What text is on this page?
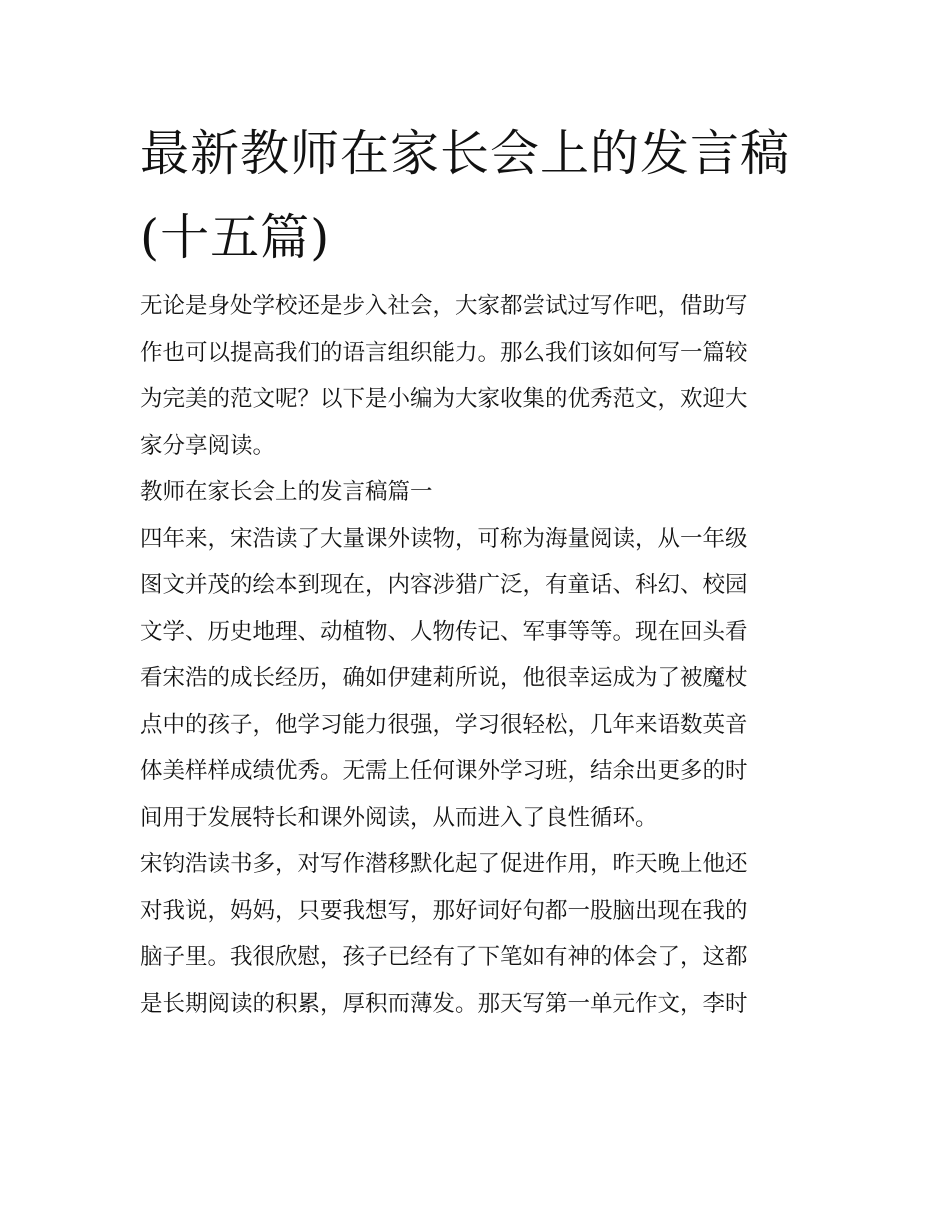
最新教师在家长会上的发言稿
(十五篇)

无论是身处学校还是步入社会，大家都尝试过写作吧，借助写
作也可以提高我们的语言组织能力。那么我们该如何写一篇较
为完美的范文呢？以下是小编为大家收集的优秀范文，欢迎大
家分享阅读。

教师在家长会上的发言稿篇一

四年来，宋浩读了大量课外读物，可称为海量阅读，从一年级
图文并茂的绘本到现在，内容涉猎广泛，有童话、科幻、校园
文学、历史地理、动植物、人物传记、军事等等。现在回头看
看宋浩的成长经历，确如伊建莉所说，他很幸运成为了被魔杖
点中的孩子，他学习能力很强，学习很轻松，几年来语数英音
体美样样成绩优秀。无需上任何课外学习班，结余出更多的时
间用于发展特长和课外阅读，从而进入了良性循环。

宋钧浩读书多，对写作潜移默化起了促进作用，昨天晚上他还
对我说，妈妈，只要我想写，那好词好句都一股脑出现在我的
脑子里。我很欣慰，孩子已经有了下笔如有神的体会了，这都
是长期阅读的积累，厚积而薄发。那天写第一单元作文，李时
